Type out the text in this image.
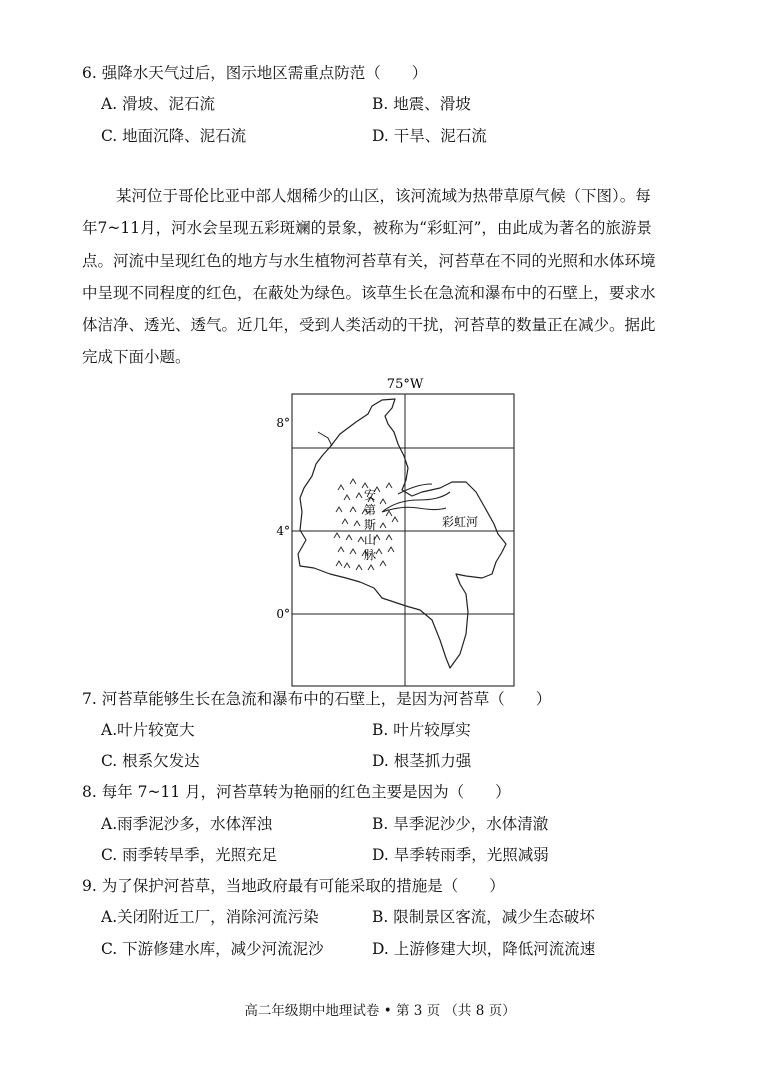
6. 强降水天气过后，图示地区需重点防范（　　）
A. 滑坡、泥石流	B. 地震、滑坡
C. 地面沉降、泥石流	D. 干旱、泥石流
某河位于哥伦比亚中部人烟稀少的山区，该河流域为热带草原气候（下图）。每
年7~11月，河水会呈现五彩斑斓的景象，被称为“彩虹河”，由此成为著名的旅游景
点。河流中呈现红色的地方与水生植物河苔草有关，河苔草在不同的光照和水体环境
中呈现不同程度的红色，在蔽处为绿色。该草生长在急流和瀑布中的石壁上，要求水
体洁净、透光、透气。近几年，受到人类活动的干扰，河苔草的数量正在减少。据此
完成下面小题。
75°W
8°
4°
0°
安
第
斯
山
脉
彩虹河
7. 河苔草能够生长在急流和瀑布中的石壁上，是因为河苔草（　　）
A.叶片较宽大	B. 叶片较厚实
C. 根系欠发达	D. 根茎抓力强
8. 每年 7~11 月，河苔草转为艳丽的红色主要是因为（　　）
A.雨季泥沙多，水体浑浊	B. 旱季泥沙少，水体清澈
C. 雨季转旱季，光照充足	D. 旱季转雨季，光照减弱
9. 为了保护河苔草，当地政府最有可能采取的措施是（　　）
A.关闭附近工厂，消除河流污染	B. 限制景区客流，减少生态破坏
C. 下游修建水库，减少河流泥沙	D. 上游修建大坝，降低河流流速
高二年级期中地理试卷 • 第 3 页 （共 8 页）
